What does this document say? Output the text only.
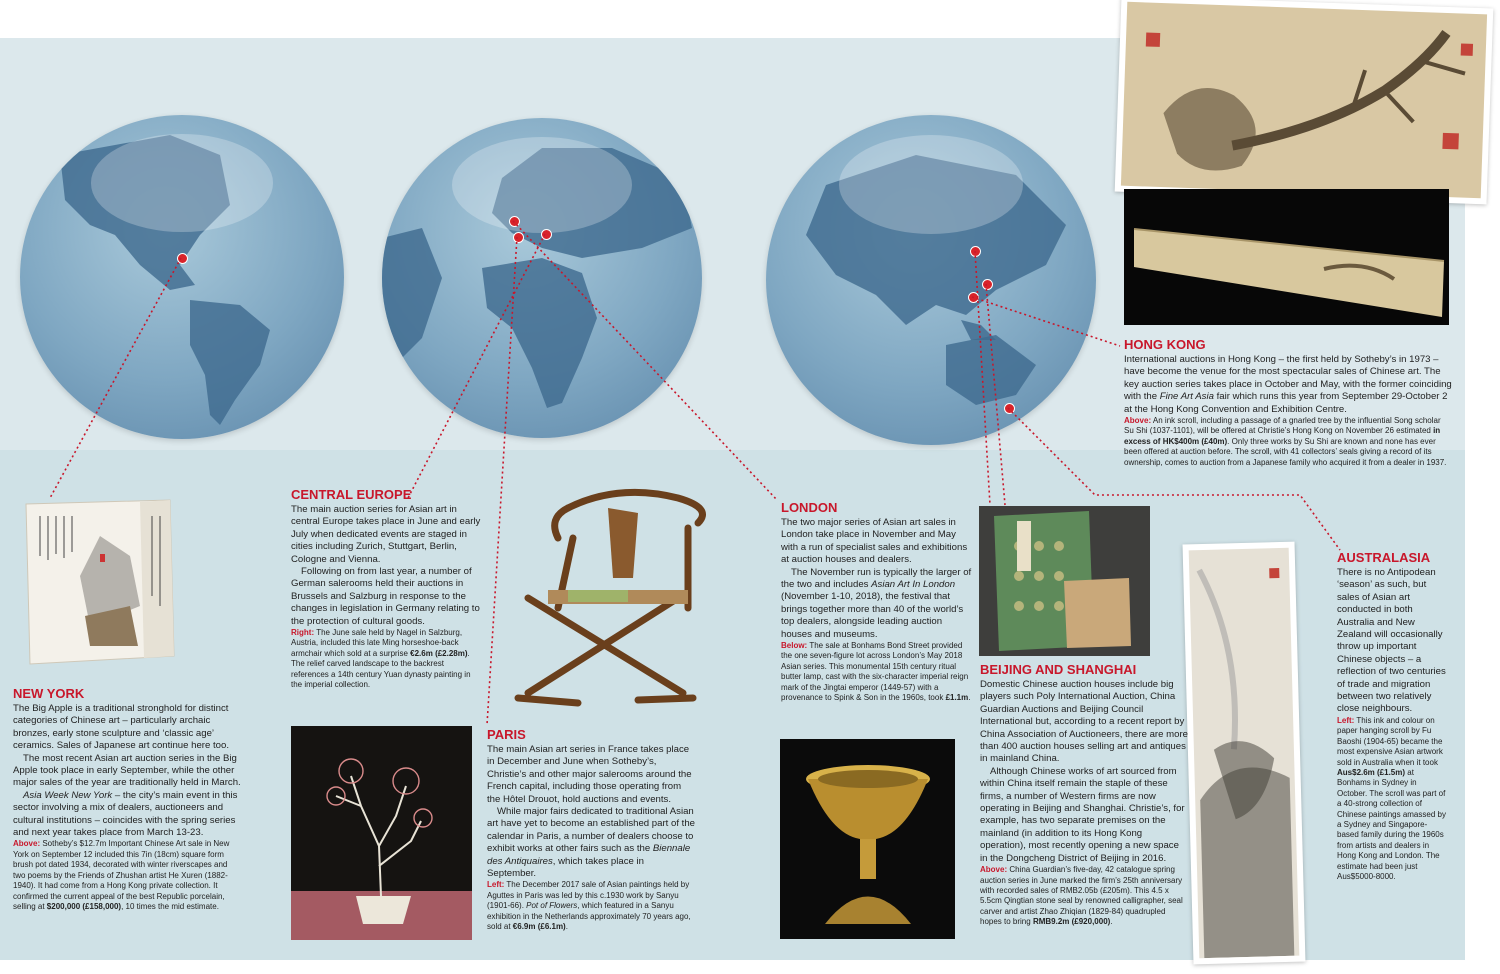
NEW YORK

The Big Apple is a traditional stronghold for distinct categories of Chinese art – particularly archaic bronzes, early stone sculpture and ‘classic age’ ceramics. Sales of Japanese art continue here too.

The most recent Asian art auction series in the Big Apple took place in early September, while the other major sales of the year are traditionally held in March.

Asia Week New York – the city’s main event in this sector involving a mix of dealers, auctioneers and cultural institutions – coincides with the spring series and next year takes place from March 13-23.

Above: Sotheby’s $12.7m Important Chinese Art sale in New York on September 12 included this 7in (18cm) square form brush pot dated 1934, decorated with winter riverscapes and two poems by the Friends of Zhushan artist He Xuren (1882-1940). It had come from a Hong Kong private collection. It confirmed the current appeal of the best Republic porcelain, selling at $200,000 (£158,000), 10 times the mid estimate.

CENTRAL EUROPE

The main auction series for Asian art in central Europe takes place in June and early July when dedicated events are staged in cities including Zurich, Stuttgart, Berlin, Cologne and Vienna.

Following on from last year, a number of German salerooms held their auctions in Brussels and Salzburg in response to the changes in legislation in Germany relating to the protection of cultural goods.

Right: The June sale held by Nagel in Salzburg, Austria, included this late Ming horseshoe-back armchair which sold at a surprise €2.6m (£2.28m). The relief carved landscape to the backrest references a 14th century Yuan dynasty painting in the imperial collection.

PARIS

The main Asian art series in France takes place in December and June when Sotheby’s, Christie’s and other major salerooms around the French capital, including those operating from the Hôtel Drouot, hold auctions and events.

While major fairs dedicated to traditional Asian art have yet to become an established part of the calendar in Paris, a number of dealers choose to exhibit works at other fairs such as the Biennale des Antiquaires, which takes place in September.

Left: The December 2017 sale of Asian paintings held by Aguttes in Paris was led by this c.1930 work by Sanyu (1901-66). Pot of Flowers, which featured in a Sanyu exhibition in the Netherlands approximately 70 years ago, sold at €6.9m (£6.1m).

LONDON

The two major series of Asian art sales in London take place in November and May with a run of specialist sales and exhibitions at auction houses and dealers.

The November run is typically the larger of the two and includes Asian Art In London (November 1-10, 2018), the festival that brings together more than 40 of the world’s top dealers, alongside leading auction houses and museums.

Below: The sale at Bonhams Bond Street provided the one seven-figure lot across London’s May 2018 Asian series. This monumental 15th century ritual butter lamp, cast with the six-character imperial reign mark of the Jingtai emperor (1449-57) with a provenance to Spink & Son in the 1960s, took £1.1m.

BEIJING AND SHANGHAI

Domestic Chinese auction houses include big players such Poly International Auction, China Guardian Auctions and Beijing Council International but, according to a recent report by China Association of Auctioneers, there are more than 400 auction houses selling art and antiques in mainland China.

Although Chinese works of art sourced from within China itself remain the staple of these firms, a number of Western firms are now operating in Beijing and Shanghai. Christie’s, for example, has two separate premises on the mainland (in addition to its Hong Kong operation), most recently opening a new space in the Dongcheng District of Beijing in 2016.

Above: China Guardian’s five-day, 42 catalogue spring auction series in June marked the firm’s 25th anniversary with recorded sales of RMB2.05b (£205m). This 4.5 x 5.5cm Qingtian stone seal by renowned calligrapher, seal carver and artist Zhao Zhiqian (1829-84) quadrupled hopes to bring RMB9.2m (£920,000).

HONG KONG

International auctions in Hong Kong – the first held by Sotheby’s in 1973 – have become the venue for the most spectacular sales of Chinese art. The key auction series takes place in October and May, with the former coinciding with the Fine Art Asia fair which runs this year from September 29-October 2 at the Hong Kong Convention and Exhibition Centre.

Above: An ink scroll, including a passage of a gnarled tree by the influential Song scholar Su Shi (1037-1101), will be offered at Christie’s Hong Kong on November 26 estimated in excess of HK$400m (£40m). Only three works by Su Shi are known and none has ever been offered at auction before. The scroll, with 41 collectors’ seals giving a record of its ownership, comes to auction from a Japanese family who acquired it from a dealer in 1937.

AUSTRALASIA

There is no Antipodean ‘season’ as such, but sales of Asian art conducted in both Australia and New Zealand will occasionally throw up important Chinese objects – a reflection of two centuries of trade and migration between two relatively close neighbours.

Left: This ink and colour on paper hanging scroll by Fu Baoshi (1904-65) became the most expensive Asian artwork sold in Australia when it took Aus$2.6m (£1.5m) at Bonhams in Sydney in October. The scroll was part of a 40-strong collection of Chinese paintings amassed by a Sydney and Singapore-based family during the 1960s from artists and dealers in Hong Kong and London. The estimate had been just Aus$5000-8000.
